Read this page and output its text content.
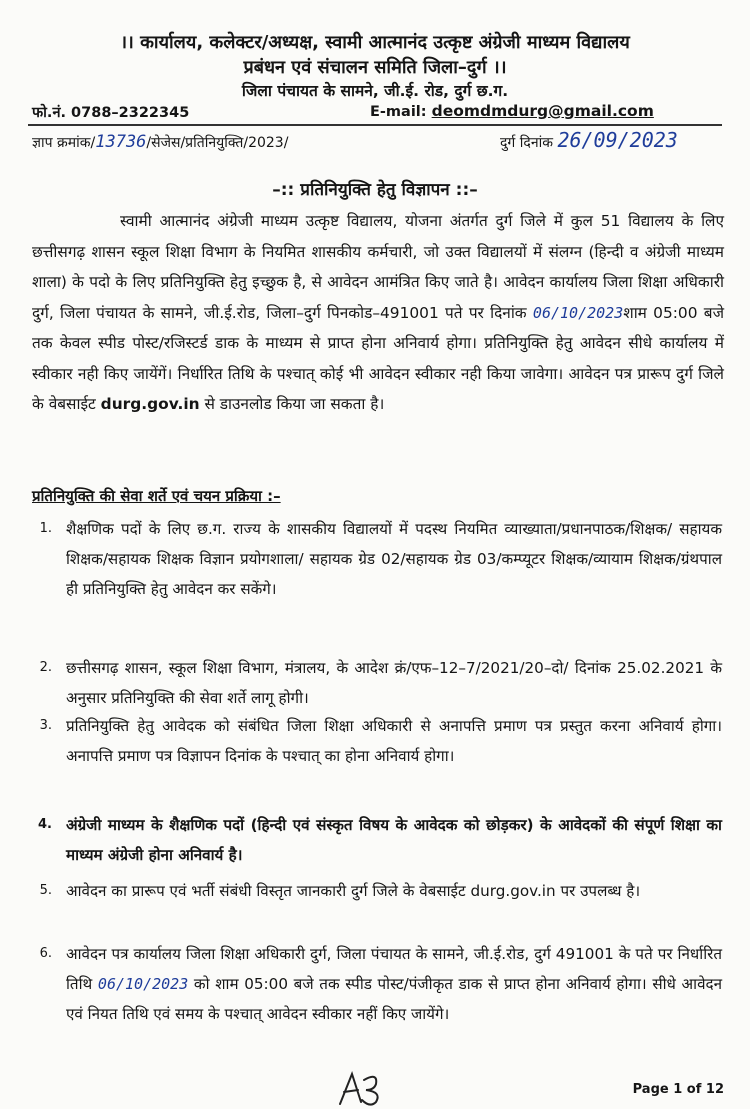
।। कार्यालय, कलेक्टर/अध्यक्ष, स्वामी आत्मानंद उत्कृष्ट अंग्रेजी माध्यम विद्यालय
प्रबंधन एवं संचालन समिति जिला–दुर्ग ।।
जिला पंचायत के सामने, जी.ई. रोड, दुर्ग छ.ग.
फो.नं. 0788–2322345	E-mail: deomdmdurg@gmail.com
ज्ञाप क्रमांक/13736/सेजेस/प्रतिनियुक्ति/2023/	दुर्ग दिनांक 26/09/2023
–:: प्रतिनियुक्ति हेतु विज्ञापन ::–
स्वामी आत्मानंद अंग्रेजी माध्यम उत्कृष्ट विद्यालय, योजना अंतर्गत दुर्ग जिले में कुल 51 विद्यालय के लिए छत्तीसगढ़ शासन स्कूल शिक्षा विभाग के नियमित शासकीय कर्मचारी, जो उक्त विद्यालयों में संलग्न (हिन्दी व अंग्रेजी माध्यम शाला) के पदो के लिए प्रतिनियुक्ति हेतु इच्छुक है, से आवेदन आमंत्रित किए जाते है। आवेदन कार्यालय जिला शिक्षा अधिकारी दुर्ग, जिला पंचायत के सामने, जी.ई.रोड, जिला–दुर्ग पिनकोड–491001 पते पर दिनांक 06/10/2023शाम 05:00 बजे तक केवल स्पीड पोस्ट/रजिस्टर्ड डाक के माध्यम से प्राप्त होना अनिवार्य होगा। प्रतिनियुक्ति हेतु आवेदन सीधे कार्यालय में स्वीकार नही किए जायेंगें। निर्धारित तिथि के पश्चात् कोई भी आवेदन स्वीकार नही किया जावेगा। आवेदन पत्र प्रारूप दुर्ग जिले के वेबसाईट durg.gov.in से डाउनलोड किया जा सकता है।
प्रतिनियुक्ति की सेवा शर्ते एवं चयन प्रक्रिया :–
1. शैक्षणिक पदों के लिए छ.ग. राज्य के शासकीय विद्यालयों में पदस्थ नियमित व्याख्याता/प्रधानपाठक/शिक्षक/ सहायक शिक्षक/सहायक शिक्षक विज्ञान प्रयोगशाला/ सहायक ग्रेड 02/सहायक ग्रेड 03/कम्प्यूटर शिक्षक/व्यायाम शिक्षक/ग्रंथपाल ही प्रतिनियुक्ति हेतु आवेदन कर सकेंगे।
2. छत्तीसगढ़ शासन, स्कूल शिक्षा विभाग, मंत्रालय, के आदेश क्रं/एफ–12–7/2021/20–दो/ दिनांक 25.02.2021 के अनुसार प्रतिनियुक्ति की सेवा शर्ते लागू होगी।
3. प्रतिनियुक्ति हेतु आवेदक को संबंधित जिला शिक्षा अधिकारी से अनापत्ति प्रमाण पत्र प्रस्तुत करना अनिवार्य होगा। अनापत्ति प्रमाण पत्र विज्ञापन दिनांक के पश्चात् का होना अनिवार्य होगा।
4. अंग्रेजी माध्यम के शैक्षणिक पदों (हिन्दी एवं संस्कृत विषय के आवेदक को छोड़कर) के आवेदकों की संपूर्ण शिक्षा का माध्यम अंग्रेजी होना अनिवार्य है।
5. आवेदन का प्रारूप एवं भर्ती संबंधी विस्तृत जानकारी दुर्ग जिले के वेबसाईट durg.gov.in पर उपलब्ध है।
6. आवेदन पत्र कार्यालय जिला शिक्षा अधिकारी दुर्ग, जिला पंचायत के सामने, जी.ई.रोड, दुर्ग 491001 के पते पर निर्धारित तिथि 06/10/2023 को शाम 05:00 बजे तक स्पीड पोस्ट/पंजीकृत डाक से प्राप्त होना अनिवार्य होगा। सीधे आवेदन एवं नियत तिथि एवं समय के पश्चात् आवेदन स्वीकार नहीं किए जायेंगे।
Page 1 of 12
